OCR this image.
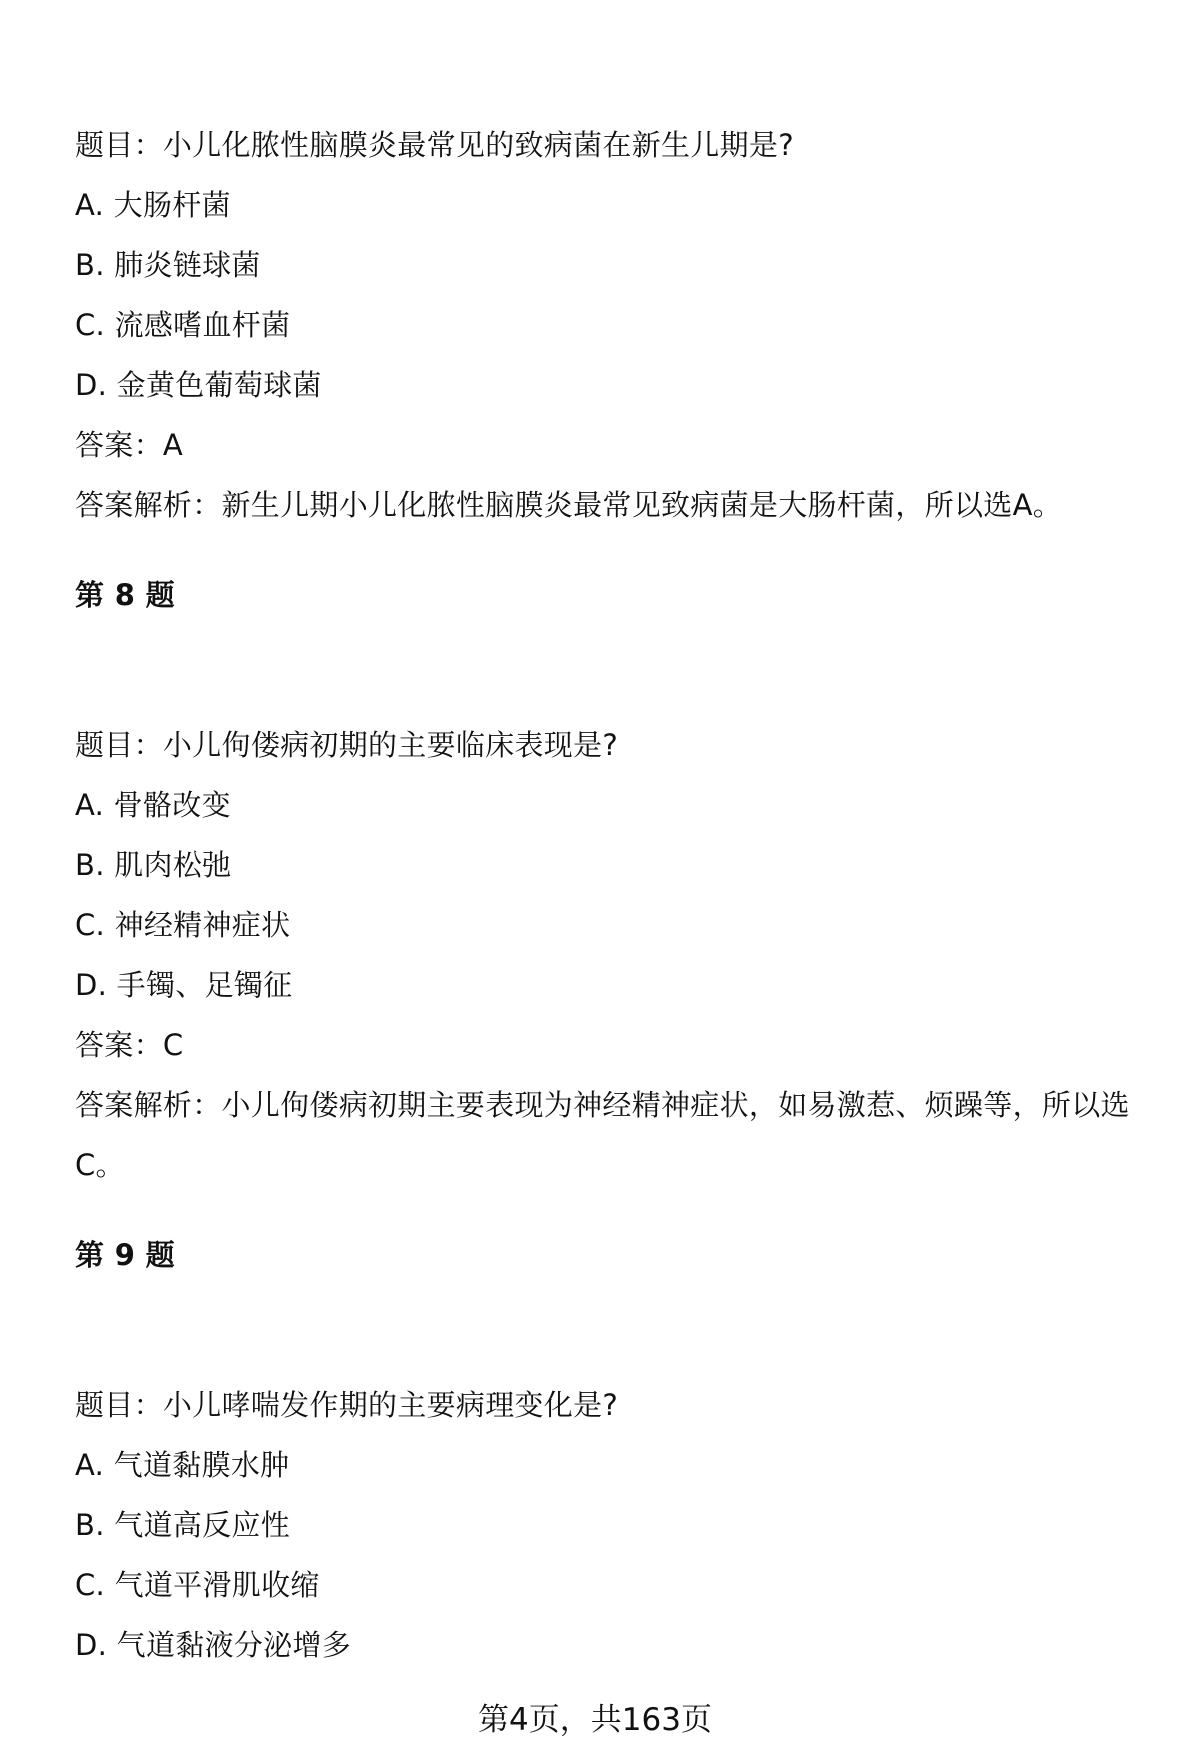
题目：小儿化脓性脑膜炎最常见的致病菌在新生儿期是?
A. 大肠杆菌
B. 肺炎链球菌
C. 流感嗜血杆菌
D. 金黄色葡萄球菌
答案：A
答案解析：新生儿期小儿化脓性脑膜炎最常见致病菌是大肠杆菌，所以选A。
第 8 题
题目：小儿佝偻病初期的主要临床表现是?
A. 骨骼改变
B. 肌肉松弛
C. 神经精神症状
D. 手镯、足镯征
答案：C
答案解析：小儿佝偻病初期主要表现为神经精神症状，如易激惹、烦躁等，所以选
C。
第 9 题
题目：小儿哮喘发作期的主要病理变化是?
A. 气道黏膜水肿
B. 气道高反应性
C. 气道平滑肌收缩
D. 气道黏液分泌增多
第4页，共163页
